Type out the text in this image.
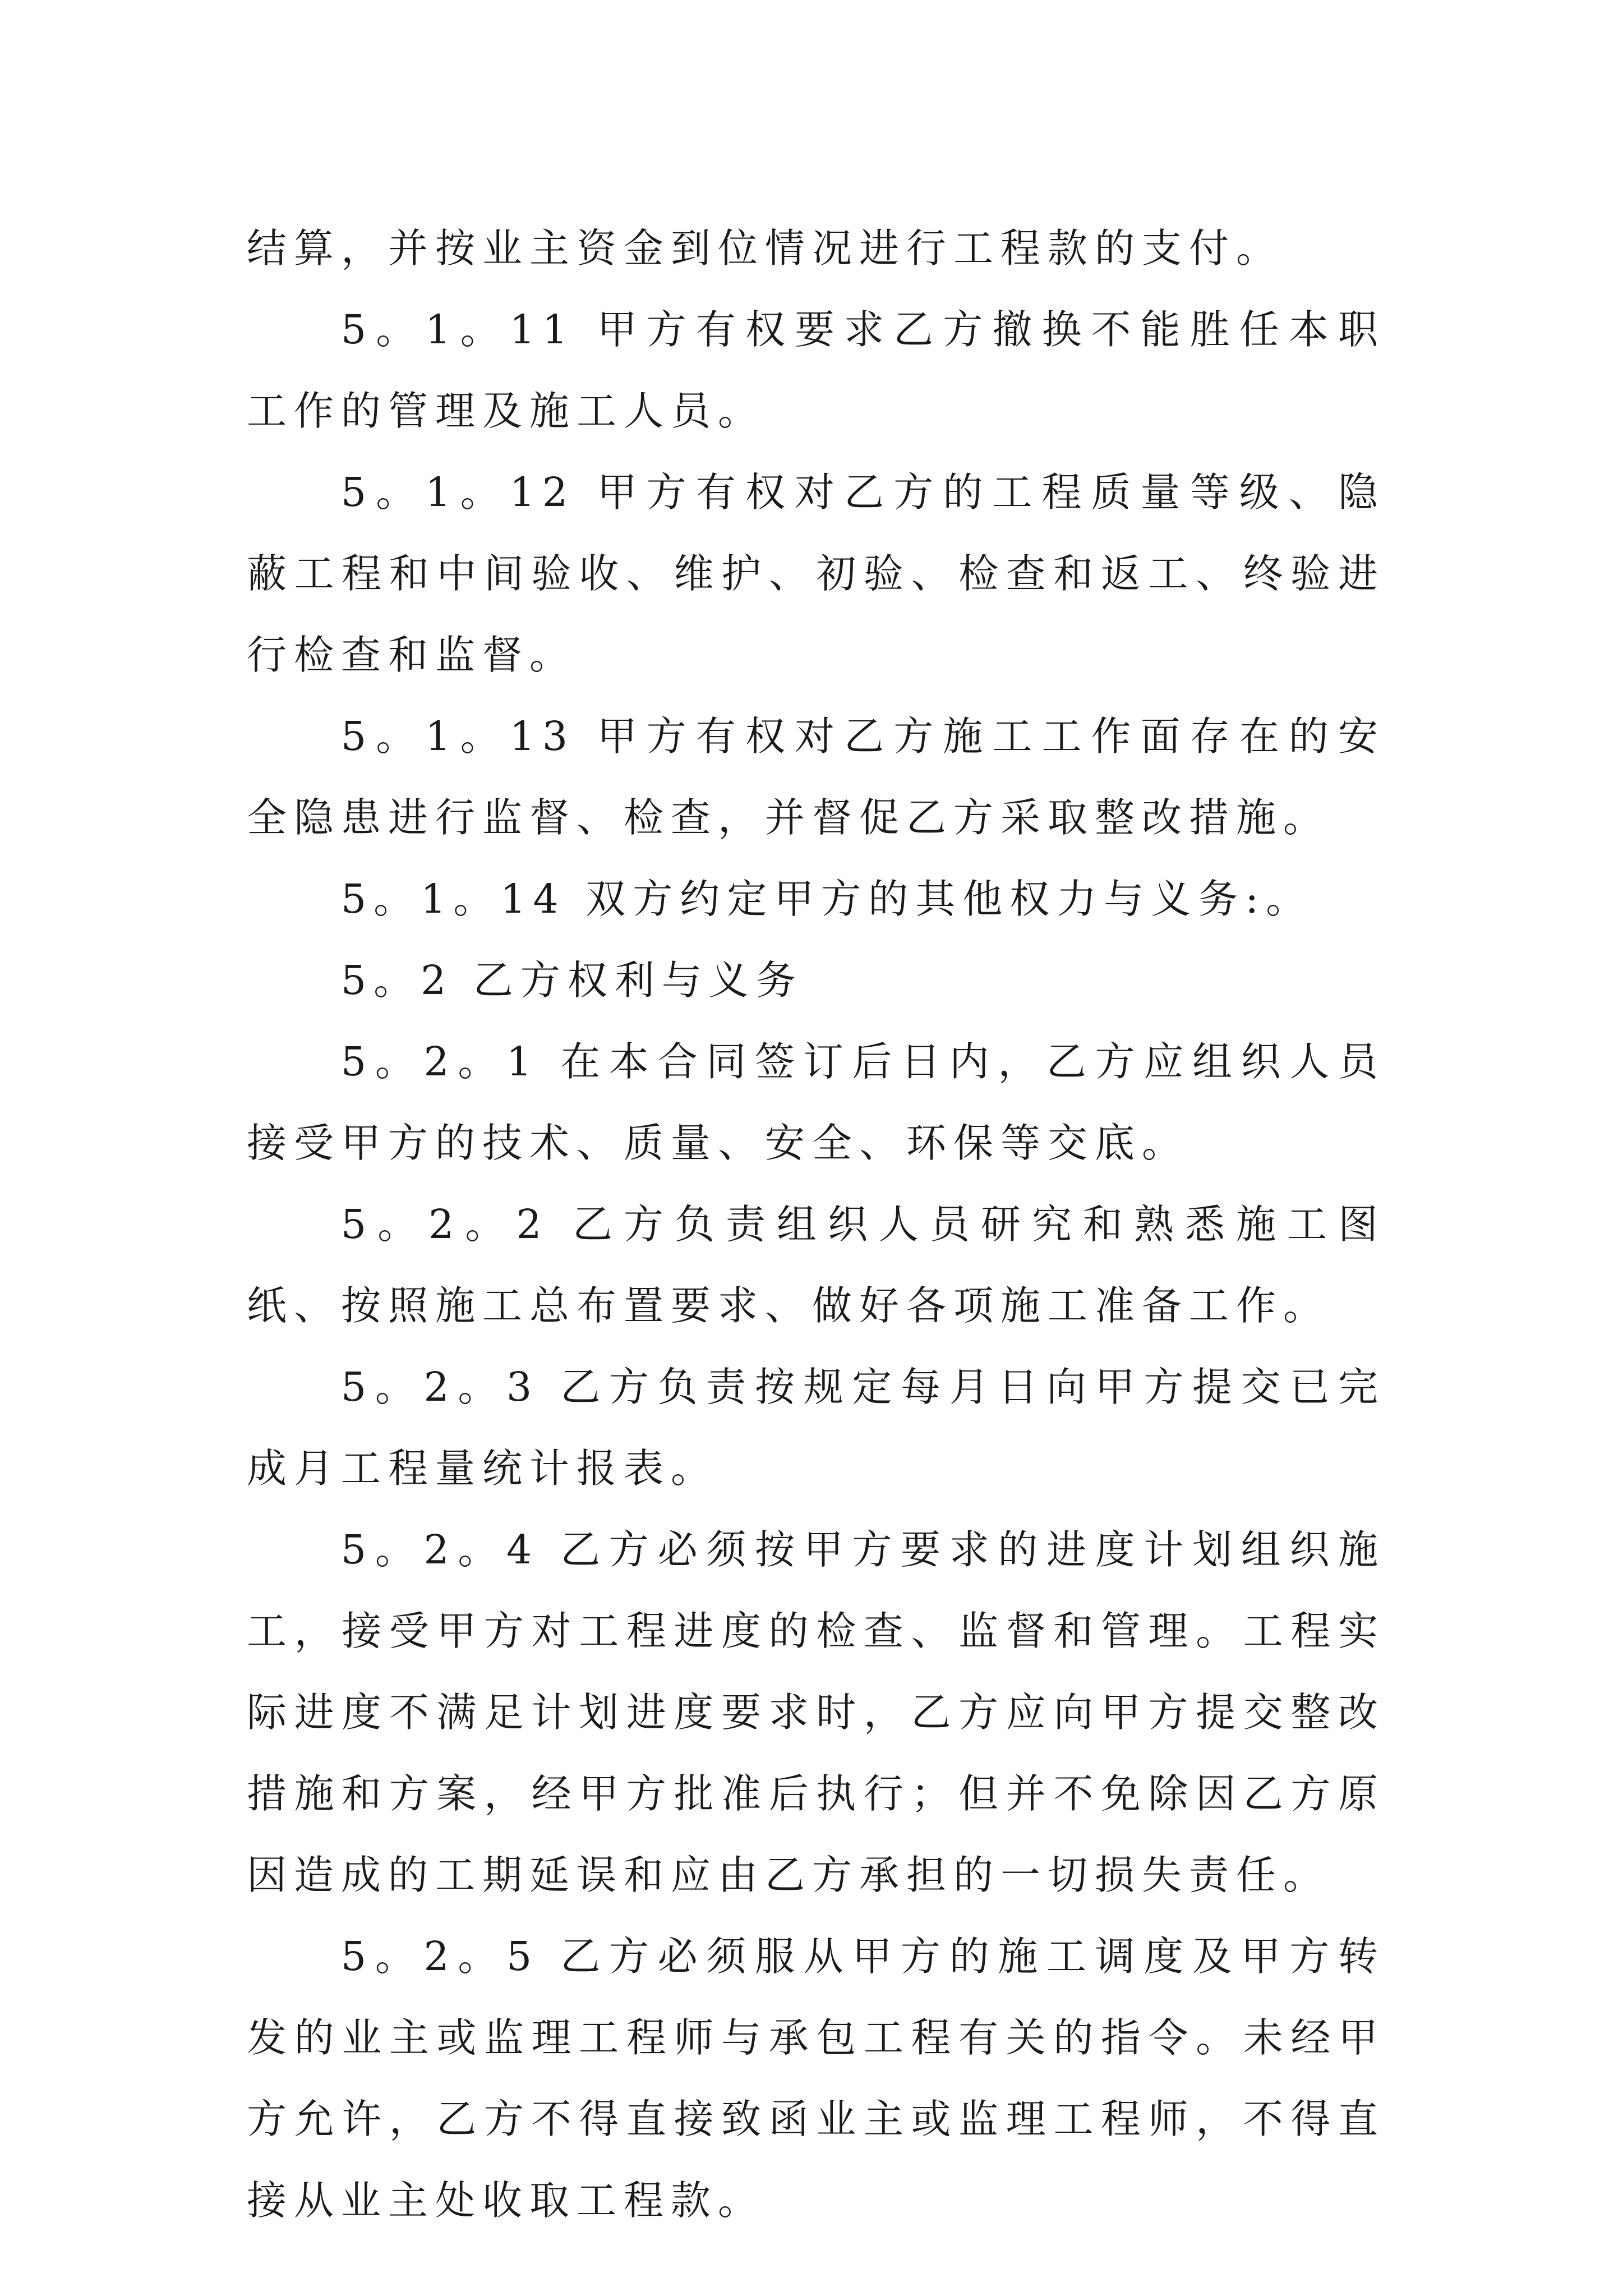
结算，并按业主资金到位情况进行工程款的支付。

5。1。11 甲方有权要求乙方撤换不能胜任本职工作的管理及施工人员。

5。1。12 甲方有权对乙方的工程质量等级、隐蔽工程和中间验收、维护、初验、检查和返工、终验进行检查和监督。

5。1。13 甲方有权对乙方施工工作面存在的安全隐患进行监督、检查，并督促乙方采取整改措施。

5。1。14 双方约定甲方的其他权力与义务:。

5。2 乙方权利与义务

5。2。1 在本合同签订后日内，乙方应组织人员接受甲方的技术、质量、安全、环保等交底。

5。2。2 乙方负责组织人员研究和熟悉施工图纸、按照施工总布置要求、做好各项施工准备工作。

5。2。3 乙方负责按规定每月日向甲方提交已完成月工程量统计报表。

5。2。4 乙方必须按甲方要求的进度计划组织施工，接受甲方对工程进度的检查、监督和管理。工程实际进度不满足计划进度要求时，乙方应向甲方提交整改措施和方案，经甲方批准后执行；但并不免除因乙方原因造成的工期延误和应由乙方承担的一切损失责任。

5。2。5 乙方必须服从甲方的施工调度及甲方转发的业主或监理工程师与承包工程有关的指令。未经甲方允许，乙方不得直接致函业主或监理工程师，不得直接从业主处收取工程款。
